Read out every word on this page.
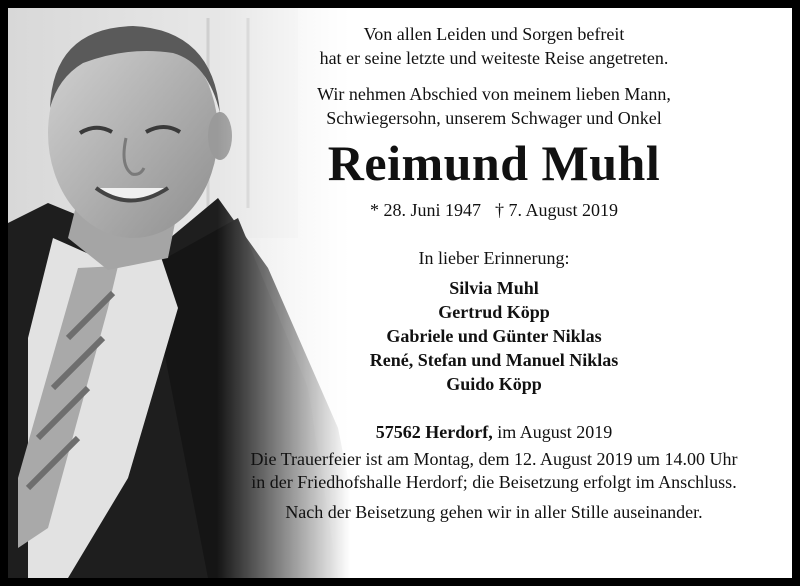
Von allen Leiden und Sorgen befreit
hat er seine letzte und weiteste Reise angetreten.
Wir nehmen Abschied von meinem lieben Mann,
Schwiegersohn, unserem Schwager und Onkel
Reimund Muhl
* 28. Juni 1947 † 7. August 2019
In lieber Erinnerung:
Silvia Muhl
Gertrud Köpp
Gabriele und Günter Niklas
René, Stefan und Manuel Niklas
Guido Köpp
57562 Herdorf, im August 2019
Die Trauerfeier ist am Montag, dem 12. August 2019 um 14.00 Uhr
in der Friedhofshalle Herdorf; die Beisetzung erfolgt im Anschluss.
Nach der Beisetzung gehen wir in aller Stille auseinander.
